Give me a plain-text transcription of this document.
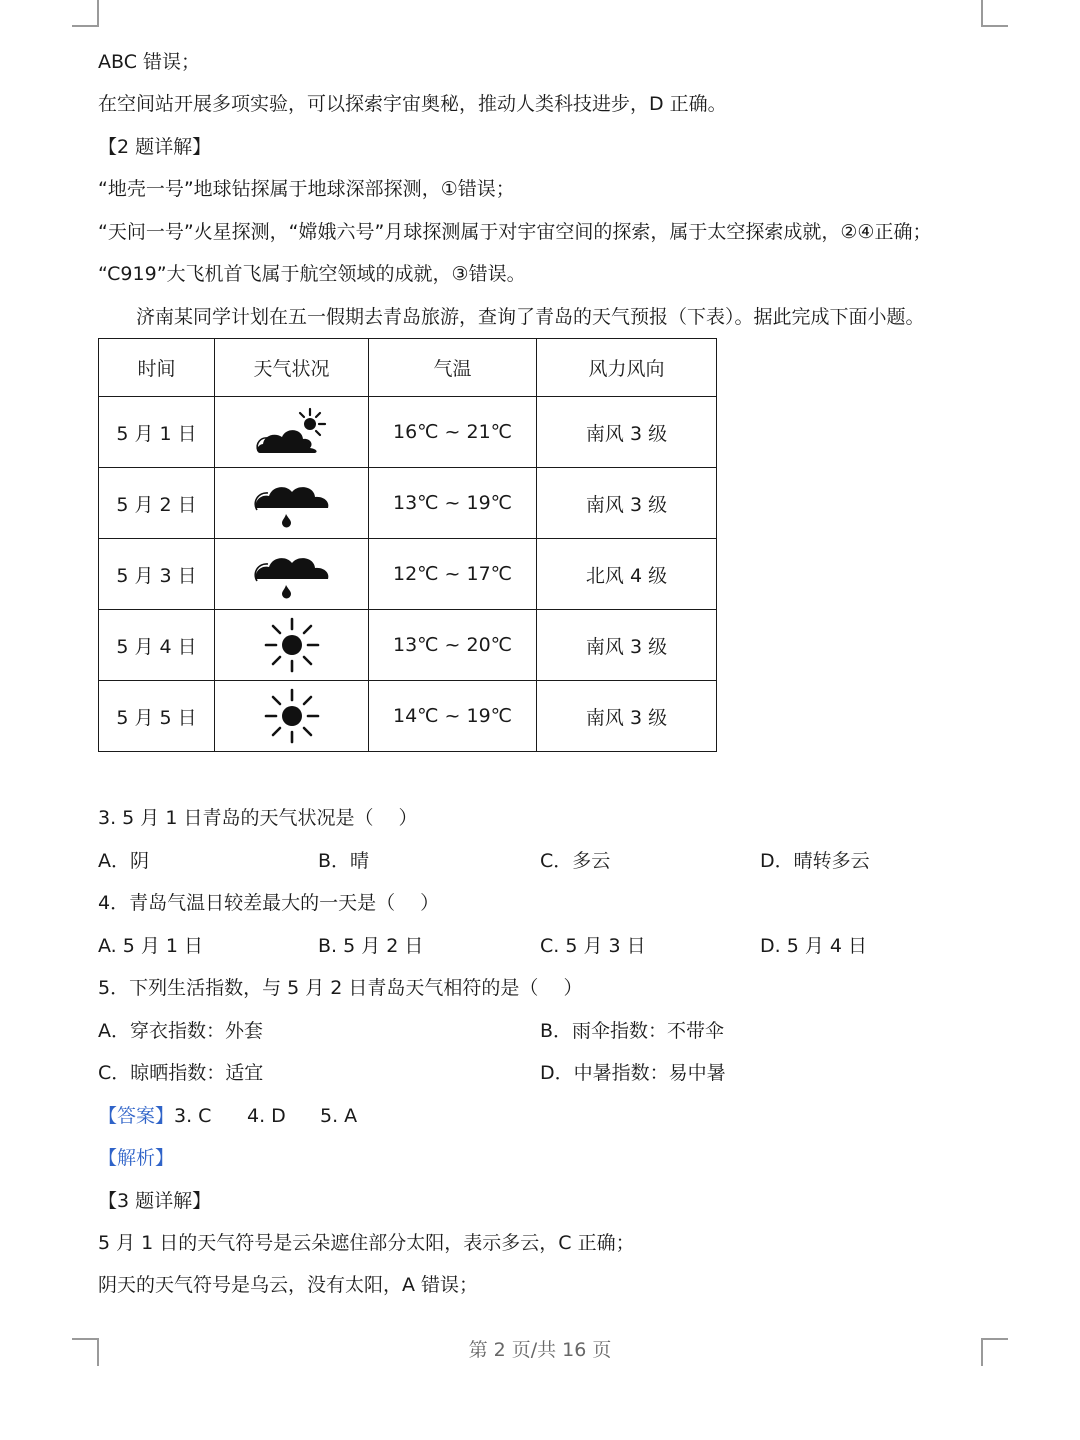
ABC 错误；
在空间站开展多项实验，可以探索宇宙奥秘，推动人类科技进步，D 正确。
【2 题详解】
“地壳一号”地球钻探属于地球深部探测，①错误；
“天问一号”火星探测，“嫦娥六号”月球探测属于对宇宙空间的探索，属于太空探索成就，②④正确；
“C919”大飞机首飞属于航空领域的成就，③错误。
济南某同学计划在五一假期去青岛旅游，查询了青岛的天气预报（下表）。据此完成下面小题。
时间	天气状况	气温	风力风向
5 月 1 日		16℃ ~ 21℃	南风 3 级
5 月 2 日		13℃ ~ 19℃	南风 3 级
5 月 3 日		12℃ ~ 17℃	北风 4 级
5 月 4 日		13℃ ~ 20℃	南风 3 级
5 月 5 日		14℃ ~ 19℃	南风 3 级
3. 5 月 1 日青岛的天气状况是（　 ）
A．阴	B．晴	C．多云	D．晴转多云
4．青岛气温日较差最大的一天是（　 ）
A. 5 月 1 日	B. 5 月 2 日	C. 5 月 3 日	D. 5 月 4 日
5．下列生活指数，与 5 月 2 日青岛天气相符的是（　 ）
A．穿衣指数：外套	B．雨伞指数：不带伞
C．晾晒指数：适宜	D．中暑指数：易中暑
【答案】 3. C 4. D 5. A
【解析】
【3 题详解】
5 月 1 日的天气符号是云朵遮住部分太阳，表示多云，C 正确；
阴天的天气符号是乌云，没有太阳，A 错误；
第 2 页/共 16 页
